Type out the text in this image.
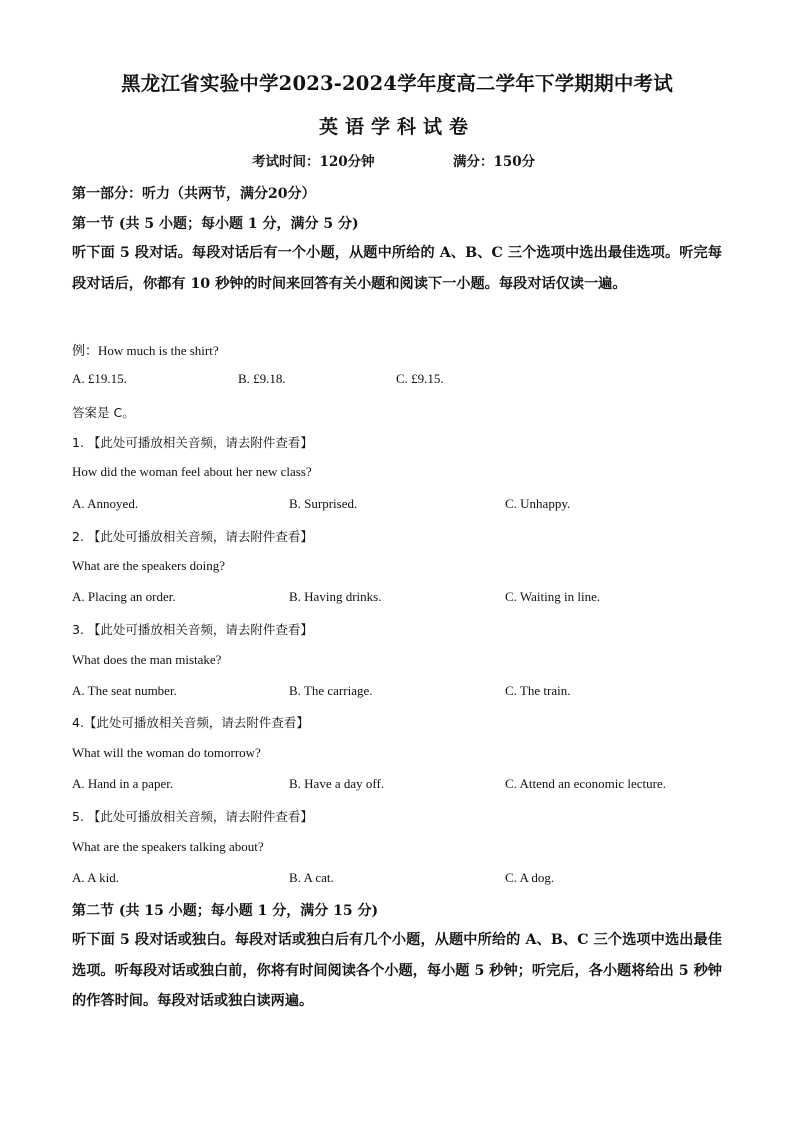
黑龙江省实验中学2023-2024学年度高二学年下学期期中考试
英语学科试卷
考试时间：120分钟	满分：150分
第一部分：听力（共两节，满分20分）
第一节 (共 5 小题；每小题 1 分，满分 5 分)
听下面 5 段对话。每段对话后有一个小题，从题中所给的 A、B、C 三个选项中选出最佳选项。听完每段对话后，你都有 10 秒钟的时间来回答有关小题和阅读下一小题。每段对话仅读一遍。
例：How much is the shirt?
A. £19.15.	B. £9.18.	C. £9.15.
答案是 C。
1. 【此处可播放相关音频，请去附件查看】
How did the woman feel about her new class?
A. Annoyed.	B. Surprised.	C. Unhappy.
2. 【此处可播放相关音频，请去附件查看】
What are the speakers doing?
A. Placing an order.	B. Having drinks.	C. Waiting in line.
3. 【此处可播放相关音频，请去附件查看】
What does the man mistake?
A. The seat number.	B. The carriage.	C. The train.
4.【此处可播放相关音频，请去附件查看】
What will the woman do tomorrow?
A. Hand in a paper.	B. Have a day off.	C. Attend an economic lecture.
5. 【此处可播放相关音频，请去附件查看】
What are the speakers talking about?
A. A kid.	B. A cat.	C. A dog.
第二节 (共 15 小题；每小题 1 分，满分 15 分)
听下面 5 段对话或独白。每段对话或独白后有几个小题，从题中所给的 A、B、C 三个选项中选出最佳选项。听每段对话或独白前，你将有时间阅读各个小题，每小题 5 秒钟；听完后，各小题将给出 5 秒钟的作答时间。每段对话或独白读两遍。
